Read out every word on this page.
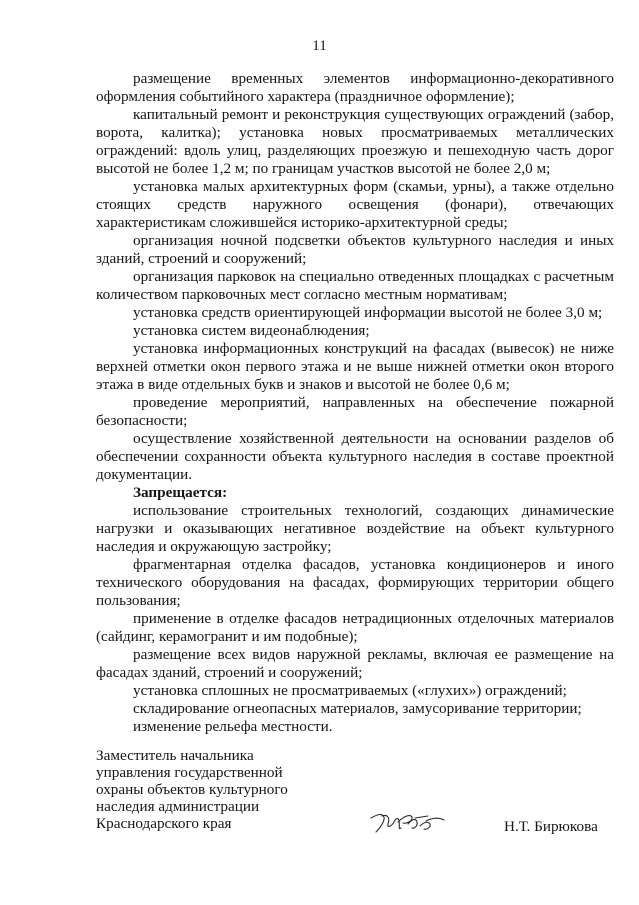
11

размещение временных элементов информационно-декоративного оформления событийного характера (праздничное оформление);

капитальный ремонт и реконструкция существующих ограждений (забор, ворота, калитка); установка новых просматриваемых металлических ограждений: вдоль улиц, разделяющих проезжую и пешеходную часть дорог высотой не более 1,2 м; по границам участков высотой не более 2,0 м;

установка малых архитектурных форм (скамьи, урны), а также отдельно стоящих средств наружного освещения (фонари), отвечающих характеристикам сложившейся историко-архитектурной среды;

организация ночной подсветки объектов культурного наследия и иных зданий, строений и сооружений;

организация парковок на специально отведенных площадках с расчетным количеством парковочных мест согласно местным нормативам;

установка средств ориентирующей информации высотой не более 3,0 м;

установка систем видеонаблюдения;

установка информационных конструкций на фасадах (вывесок) не ниже верхней отметки окон первого этажа и не выше нижней отметки окон второго этажа в виде отдельных букв и знаков и высотой не более 0,6 м;

проведение мероприятий, направленных на обеспечение пожарной безопасности;

осуществление хозяйственной деятельности на основании разделов об обеспечении сохранности объекта культурного наследия в составе проектной документации.

Запрещается:

использование строительных технологий, создающих динамические нагрузки и оказывающих негативное воздействие на объект культурного наследия и окружающую застройку;

фрагментарная отделка фасадов, установка кондиционеров и иного технического оборудования на фасадах, формирующих территории общего пользования;

применение в отделке фасадов нетрадиционных отделочных материалов (сайдинг, керамогранит и им подобные);

размещение всех видов наружной рекламы, включая ее размещение на фасадах зданий, строений и сооружений;

установка сплошных не просматриваемых («глухих») ограждений;

складирование огнеопасных материалов, замусоривание территории;

изменение рельефа местности.

Заместитель начальника
управления государственной
охраны объектов культурного
наследия администрации
Краснодарского края	Н.Т. Бирюкова
